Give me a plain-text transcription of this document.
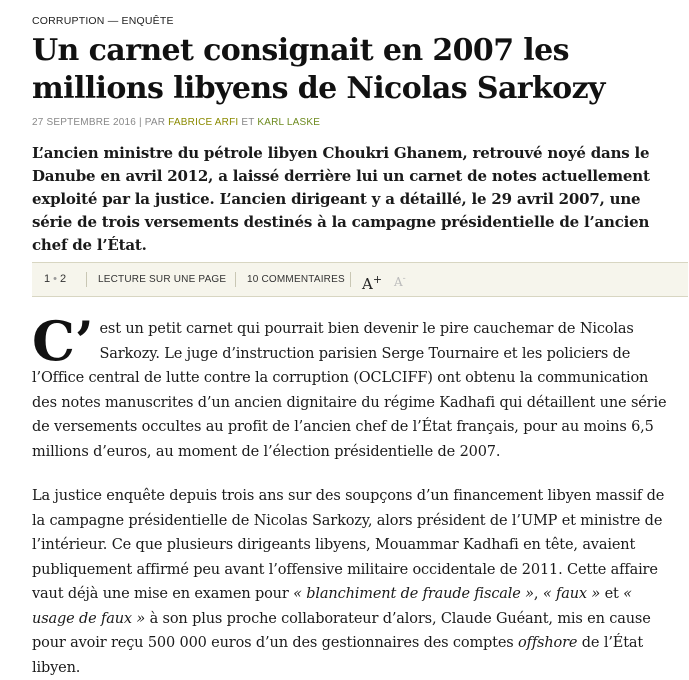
CORRUPTION — ENQUÊTE
Un carnet consignait en 2007 les millions libyens de Nicolas Sarkozy
27 SEPTEMBRE 2016 | PAR FABRICE ARFI ET KARL LASKE

L’ancien ministre du pétrole libyen Choukri Ghanem, retrouvé noyé dans le Danube en avril 2012, a laissé derrière lui un carnet de notes actuellement exploité par la justice. L’ancien dirigeant y a détaillé, le 29 avril 2007, une série de trois versements destinés à la campagne présidentielle de l’ancien chef de l’État.

1 • 2	LECTURE SUR UNE PAGE 10 COMMENTAIRES A+ A-

C’ est un petit carnet qui pourrait bien devenir le pire cauchemar de Nicolas Sarkozy. Le juge d’instruction parisien Serge Tournaire et les policiers de l’Office central de lutte contre la corruption (OCLCIFF) ont obtenu la communication des notes manuscrites d’un ancien dignitaire du régime Kadhafi qui détaillent une série de versements occultes au profit de l’ancien chef de l’État français, pour au moins 6,5 millions d’euros, au moment de l’élection présidentielle de 2007.

La justice enquête depuis trois ans sur des soupçons d’un financement libyen massif de la campagne présidentielle de Nicolas Sarkozy, alors président de l’UMP et ministre de l’intérieur. Ce que plusieurs dirigeants libyens, Mouammar Kadhafi en tête, avaient publiquement affirmé peu avant l’offensive militaire occidentale de 2011. Cette affaire vaut déjà une mise en examen pour « blanchiment de fraude fiscale », « faux » et « usage de faux » à son plus proche collaborateur d’alors, Claude Guéant, mis en cause pour avoir reçu 500 000 euros d’un des gestionnaires des comptes offshore de l’État libyen.
